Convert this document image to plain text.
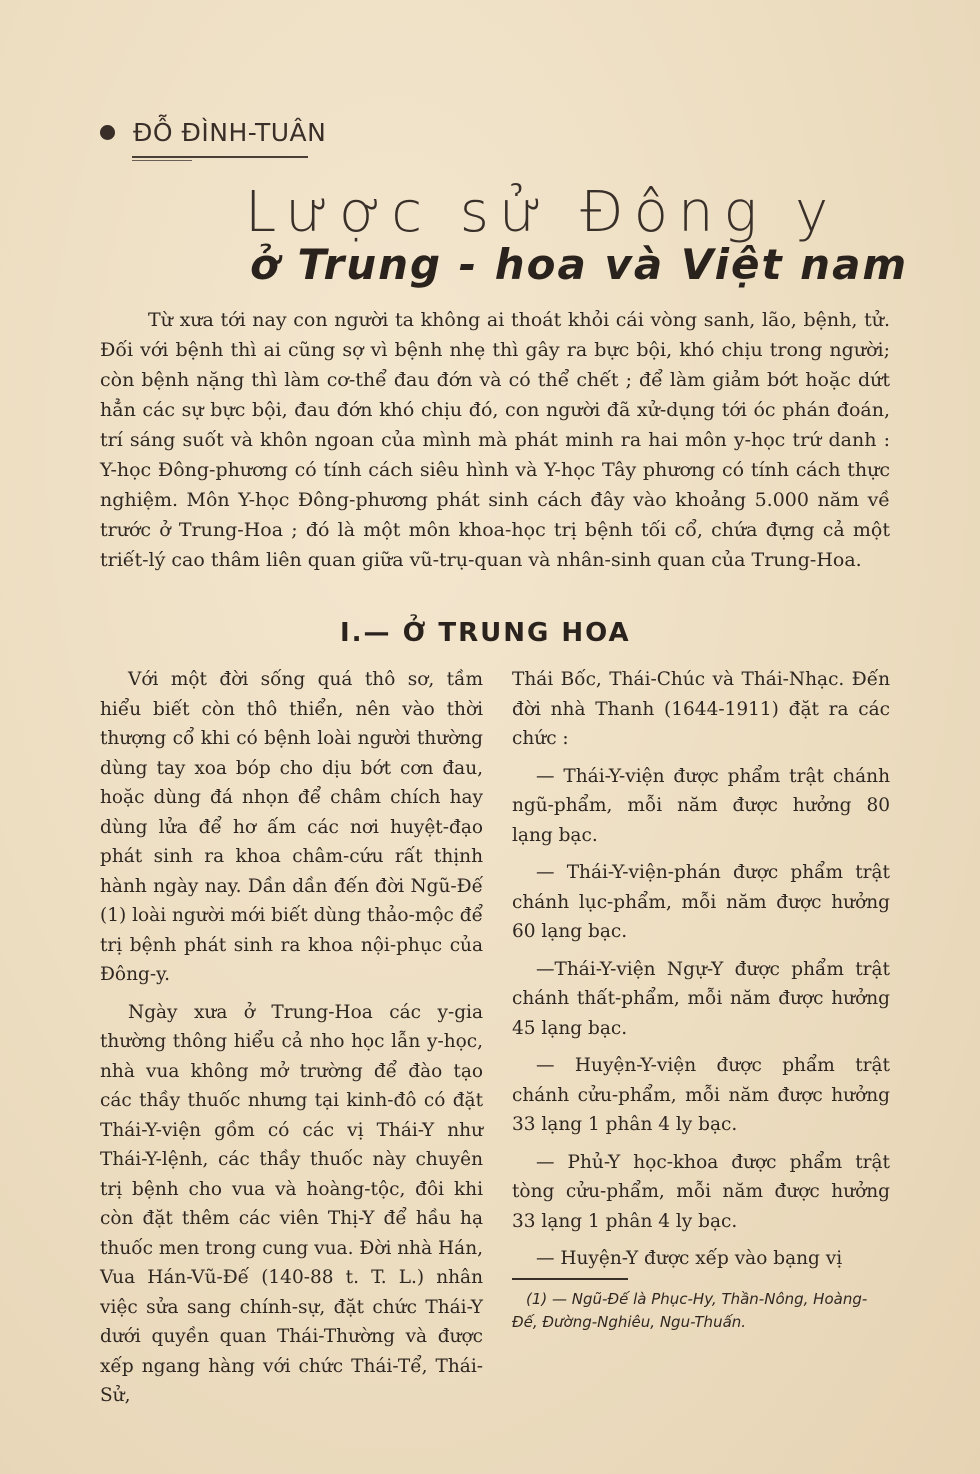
ĐỖ ĐÌNH-TUÂN
Lược sử Đông y
ở Trung - hoa và Việt nam

Từ xưa tới nay con người ta không ai thoát khỏi cái vòng sanh, lão, bệnh, tử. Đối với bệnh thì ai cũng sợ vì bệnh nhẹ thì gây ra bực bội, khó chịu trong người; còn bệnh nặng thì làm cơ-thể đau đớn và có thể chết ; để làm giảm bớt hoặc dứt hẳn các sự bực bội, đau đớn khó chịu đó, con người đã xử-dụng tới óc phán đoán, trí sáng suốt và khôn ngoan của mình mà phát minh ra hai môn y-học trứ danh : Y-học Đông-phương có tính cách siêu hình và Y-học Tây phương có tính cách thực nghiệm. Môn Y-học Đông-phương phát sinh cách đây vào khoảng 5.000 năm về trước ở Trung-Hoa ; đó là một môn khoa-học trị bệnh tối cổ, chứa đựng cả một triết-lý cao thâm liên quan giữa vũ-trụ-quan và nhân-sinh quan của Trung-Hoa.

I.— Ở TRUNG HOA

Với một đời sống quá thô sơ, tầm hiểu biết còn thô thiển, nên vào thời thượng cổ khi có bệnh loài người thường dùng tay xoa bóp cho dịu bớt cơn đau, hoặc dùng đá nhọn để châm chích hay dùng lửa để hơ ấm các nơi huyệt-đạo phát sinh ra khoa châm-cứu rất thịnh hành ngày nay. Dần dần đến đời Ngũ-Đế (1) loài người mới biết dùng thảo-mộc để trị bệnh phát sinh ra khoa nội-phục của Đông-y.

Ngày xưa ở Trung-Hoa các y-gia thường thông hiểu cả nho học lẫn y-học, nhà vua không mở trường để đào tạo các thầy thuốc nhưng tại kinh-đô có đặt Thái-Y-viện gồm có các vị Thái-Y như Thái-Y-lệnh, các thầy thuốc này chuyên trị bệnh cho vua và hoàng-tộc, đôi khi còn đặt thêm các viên Thị-Y để hầu hạ thuốc men trong cung vua. Đời nhà Hán, Vua Hán-Vũ-Đế (140-88 t. T. L.) nhân việc sửa sang chính-sự, đặt chức Thái-Y dưới quyền quan Thái-Thường và được xếp ngang hàng với chức Thái-Tể, Thái-Sử,

Thái Bốc, Thái-Chúc và Thái-Nhạc. Đến đời nhà Thanh (1644-1911) đặt ra các chức :

— Thái-Y-viện được phẩm trật chánh ngũ-phẩm, mỗi năm được hưởng 80 lạng bạc.

— Thái-Y-viện-phán được phẩm trật chánh lục-phẩm, mỗi năm được hưởng 60 lạng bạc.

—Thái-Y-viện Ngự-Y được phẩm trật chánh thất-phẩm, mỗi năm được hưởng 45 lạng bạc.

— Huyện-Y-viện được phẩm trật chánh cửu-phẩm, mỗi năm được hưởng 33 lạng 1 phân 4 ly bạc.

— Phủ-Y học-khoa được phẩm trật tòng cửu-phẩm, mỗi năm được hưởng 33 lạng 1 phân 4 ly bạc.

— Huyện-Y được xếp vào bạng vị

(1) — Ngũ-Đế là Phục-Hy, Thần-Nông, Hoàng-Đế, Đường-Nghiêu, Ngu-Thuấn.
